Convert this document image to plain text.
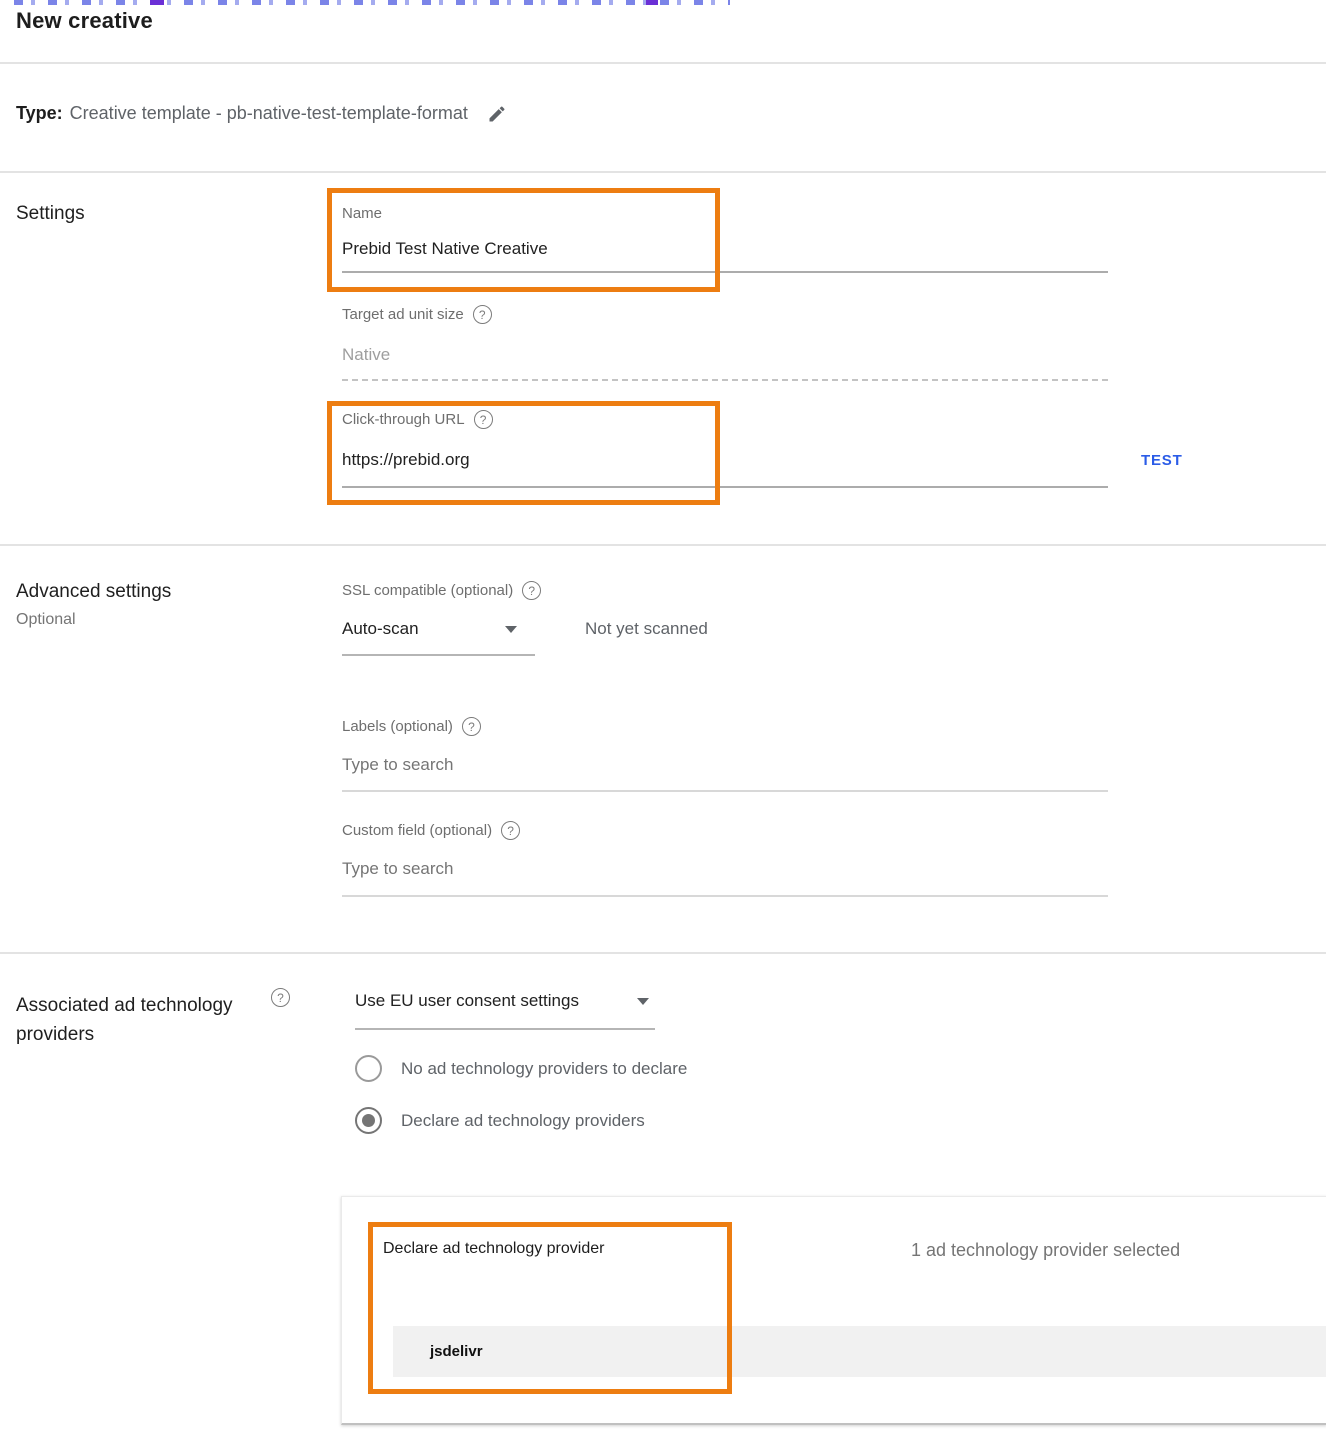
New creative
Type: Creative template - pb-native-test-template-format
Settings	Name
Prebid Test Native Creative
Target ad unit size	?
Native
Click-through URL	?
https://prebid.org	TEST
Advanced settings
Optional
SSL compatible (optional)	?
Auto-scan	Not yet scanned
Labels (optional)	?
Type to search
Custom field (optional)	?
Type to search
Associated ad technology providers
?	Use EU user consent settings
No ad technology providers to declare
Declare ad technology providers
Declare ad technology provider	1 ad technology provider selected
jsdelivr
